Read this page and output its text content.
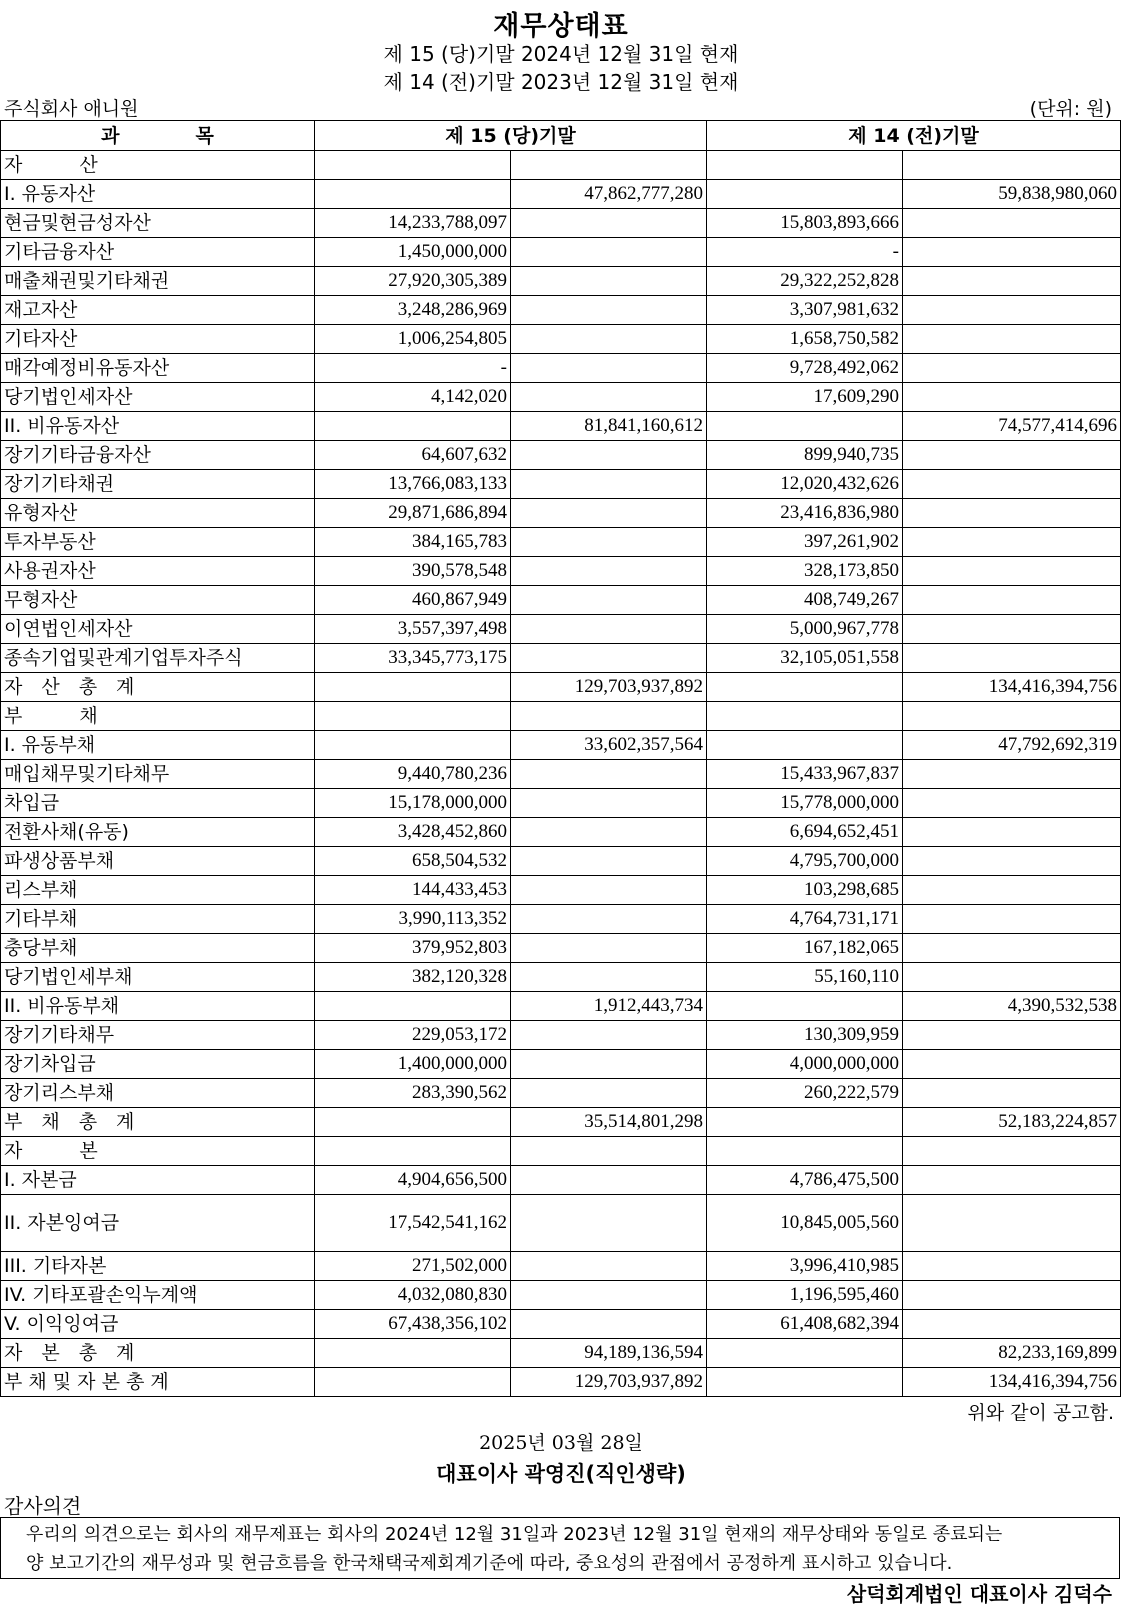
재무상태표
제 15 (당)기말 2024년 12월 31일 현재
제 14 (전)기말 2023년 12월 31일 현재
주식회사 애니원	(단위: 원)
과　　　　목	제 15 (당)기말		제 14 (전)기말	
자　　　산				
I. 유동자산		47,862,777,280		59,838,980,060
현금및현금성자산	14,233,788,097		15,803,893,666	
기타금융자산	1,450,000,000		-	
매출채권및기타채권	27,920,305,389		29,322,252,828	
재고자산	3,248,286,969		3,307,981,632	
기타자산	1,006,254,805		1,658,750,582	
매각예정비유동자산	-		9,728,492,062	
당기법인세자산	4,142,020		17,609,290	
II. 비유동자산		81,841,160,612		74,577,414,696
장기기타금융자산	64,607,632		899,940,735	
장기기타채권	13,766,083,133		12,020,432,626	
유형자산	29,871,686,894		23,416,836,980	
투자부동산	384,165,783		397,261,902	
사용권자산	390,578,548		328,173,850	
무형자산	460,867,949		408,749,267	
이연법인세자산	3,557,397,498		5,000,967,778	
종속기업및관계기업투자주식	33,345,773,175		32,105,051,558	
자　산　총　계		129,703,937,892		134,416,394,756
부　　　채				
I. 유동부채		33,602,357,564		47,792,692,319
매입채무및기타채무	9,440,780,236		15,433,967,837	
차입금	15,178,000,000		15,778,000,000	
전환사채(유동)	3,428,452,860		6,694,652,451	
파생상품부채	658,504,532		4,795,700,000	
리스부채	144,433,453		103,298,685	
기타부채	3,990,113,352		4,764,731,171	
충당부채	379,952,803		167,182,065	
당기법인세부채	382,120,328		55,160,110	
II. 비유동부채		1,912,443,734		4,390,532,538
장기기타채무	229,053,172		130,309,959	
장기차입금	1,400,000,000		4,000,000,000	
장기리스부채	283,390,562		260,222,579	
부　채　총　계		35,514,801,298		52,183,224,857
자　　　본				
I. 자본금	4,904,656,500		4,786,475,500	
II. 자본잉여금	17,542,541,162		10,845,005,560	
III. 기타자본	271,502,000		3,996,410,985	
IV. 기타포괄손익누계액	4,032,080,830		1,196,595,460	
V. 이익잉여금	67,438,356,102		61,408,682,394	
자　본　총　계		94,189,136,594		82,233,169,899
부 채 및 자 본 총 계		129,703,937,892		134,416,394,756
위와 같이 공고함.
2025년 03월 28일
대표이사 곽영진(직인생략)
감사의견
우리의 의견으로는 회사의 재무제표는 회사의 2024년 12월 31일과 2023년 12월 31일 현재의 재무상태와 동일로 종료되는
양 보고기간의 재무성과 및 현금흐름을 한국채택국제회계기준에 따라, 중요성의 관점에서 공정하게 표시하고 있습니다.
삼덕회계법인 대표이사 김덕수
